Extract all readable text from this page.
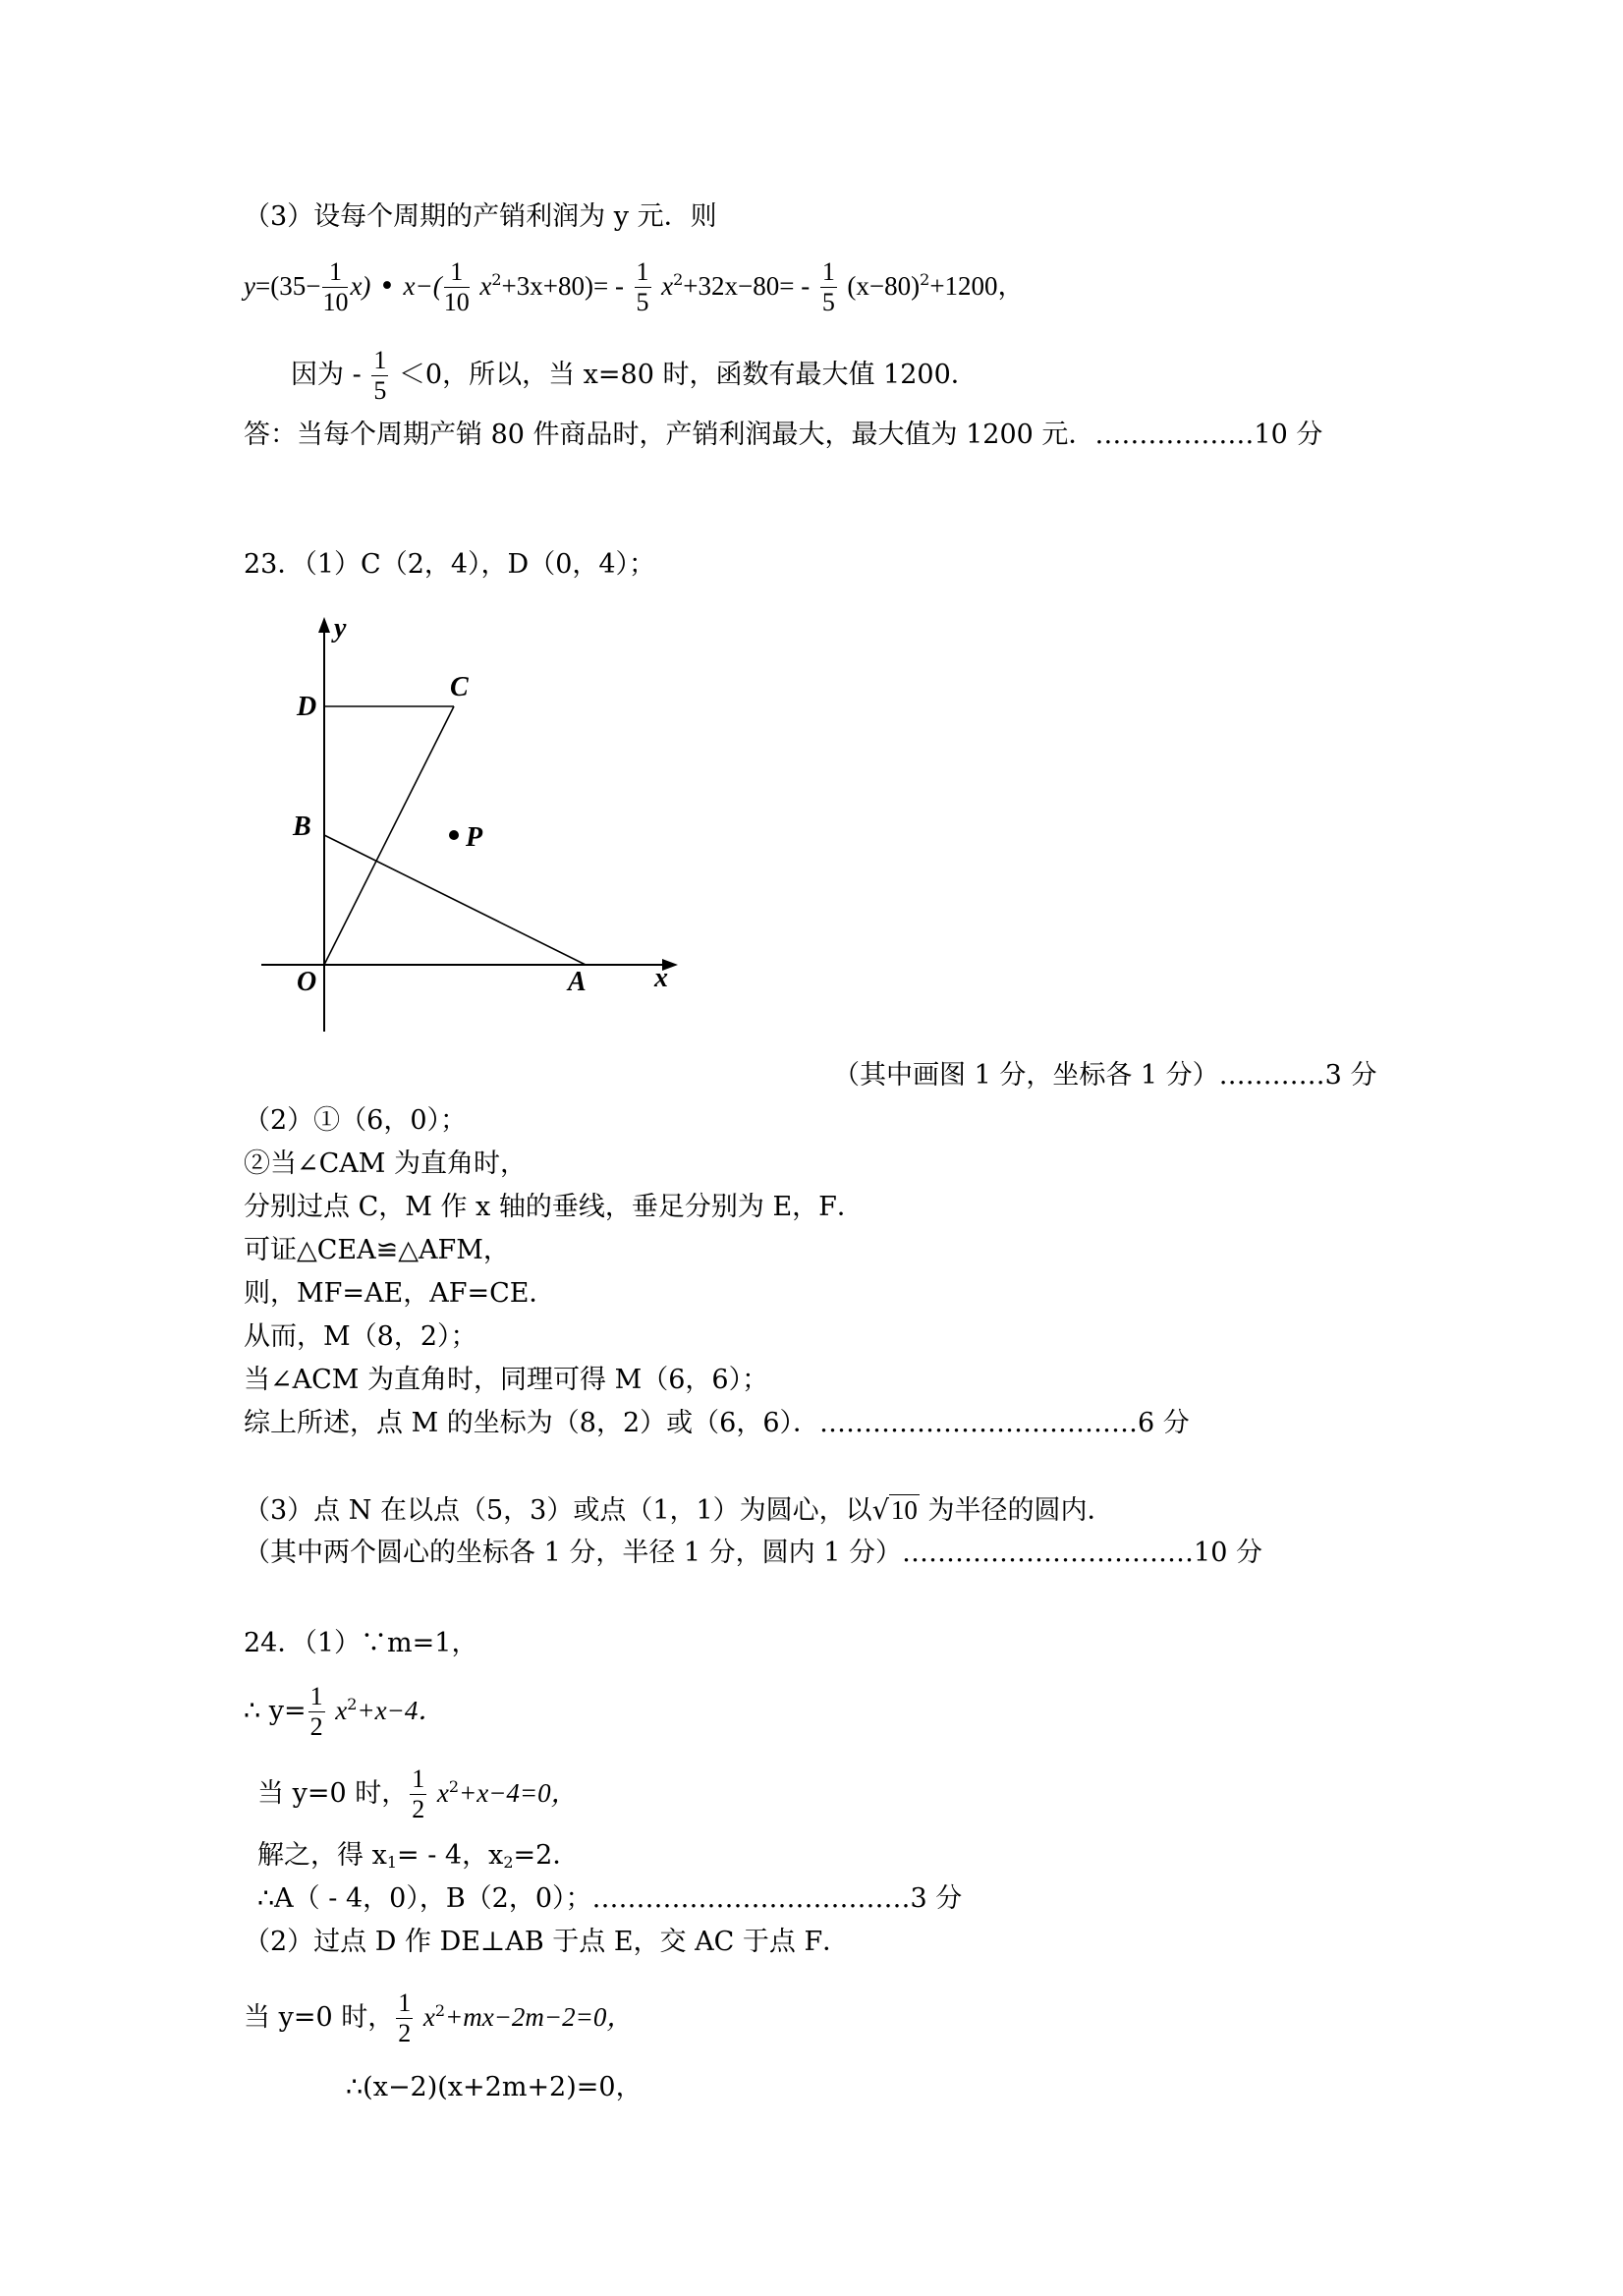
（3）设每个周期的产销利润为 y 元．则
$y=(35- \frac{1}{10} x)$ • $x-( \frac{1}{10} x^2+3x+80)= - \frac{1}{5} x^2+32x-80= - \frac{1}{5} (x-80)^2+1200$，
因为 - $\frac{1}{5} <0$，所以，当 x=80 时，函数有最大值 1200．
答：当每个周期产销 80 件商品时，产销利润最大，最大值为 1200 元．………………10 分
23．（1）C（2，4），D（0，4）；
y
D
C
B	P
O	A x
（其中画图 1 分，坐标各 1 分）…………3 分
（2）①（6，0）；
②当∠CAM 为直角时，
分别过点 C，M 作 x 轴的垂线，垂足分别为 E，F．
可证△CEA≌△AFM，
则，MF=AE，AF=CE．
从而，M（8，2）；
当∠ACM 为直角时，同理可得 M（6，6）；
综上所述，点 M 的坐标为（8，2）或（6，6）．………………………………6 分
（3）点 N 在以点（5，3）或点（1，1）为圆心，以√10 为半径的圆内．
（其中两个圆心的坐标各 1 分，半径 1 分，圆内 1 分）……………………………10 分
24．（1）∵m=1，
∴ $y= \frac{1}{2} x^2+x-4$．
当 y=0 时， $\frac{1}{2} x^2+x-4=0$，
解之，得 $x_1= - 4$，$x_2=2$．
∴A（ - 4，0），B（2，0）；………………………………3 分
（2）过点 D 作 DE⊥AB 于点 E，交 AC 于点 F．
当 y=0 时， $\frac{1}{2} x^2+mx-2m-2=0$，
∴(x−2)(x+2m+2)=0，
